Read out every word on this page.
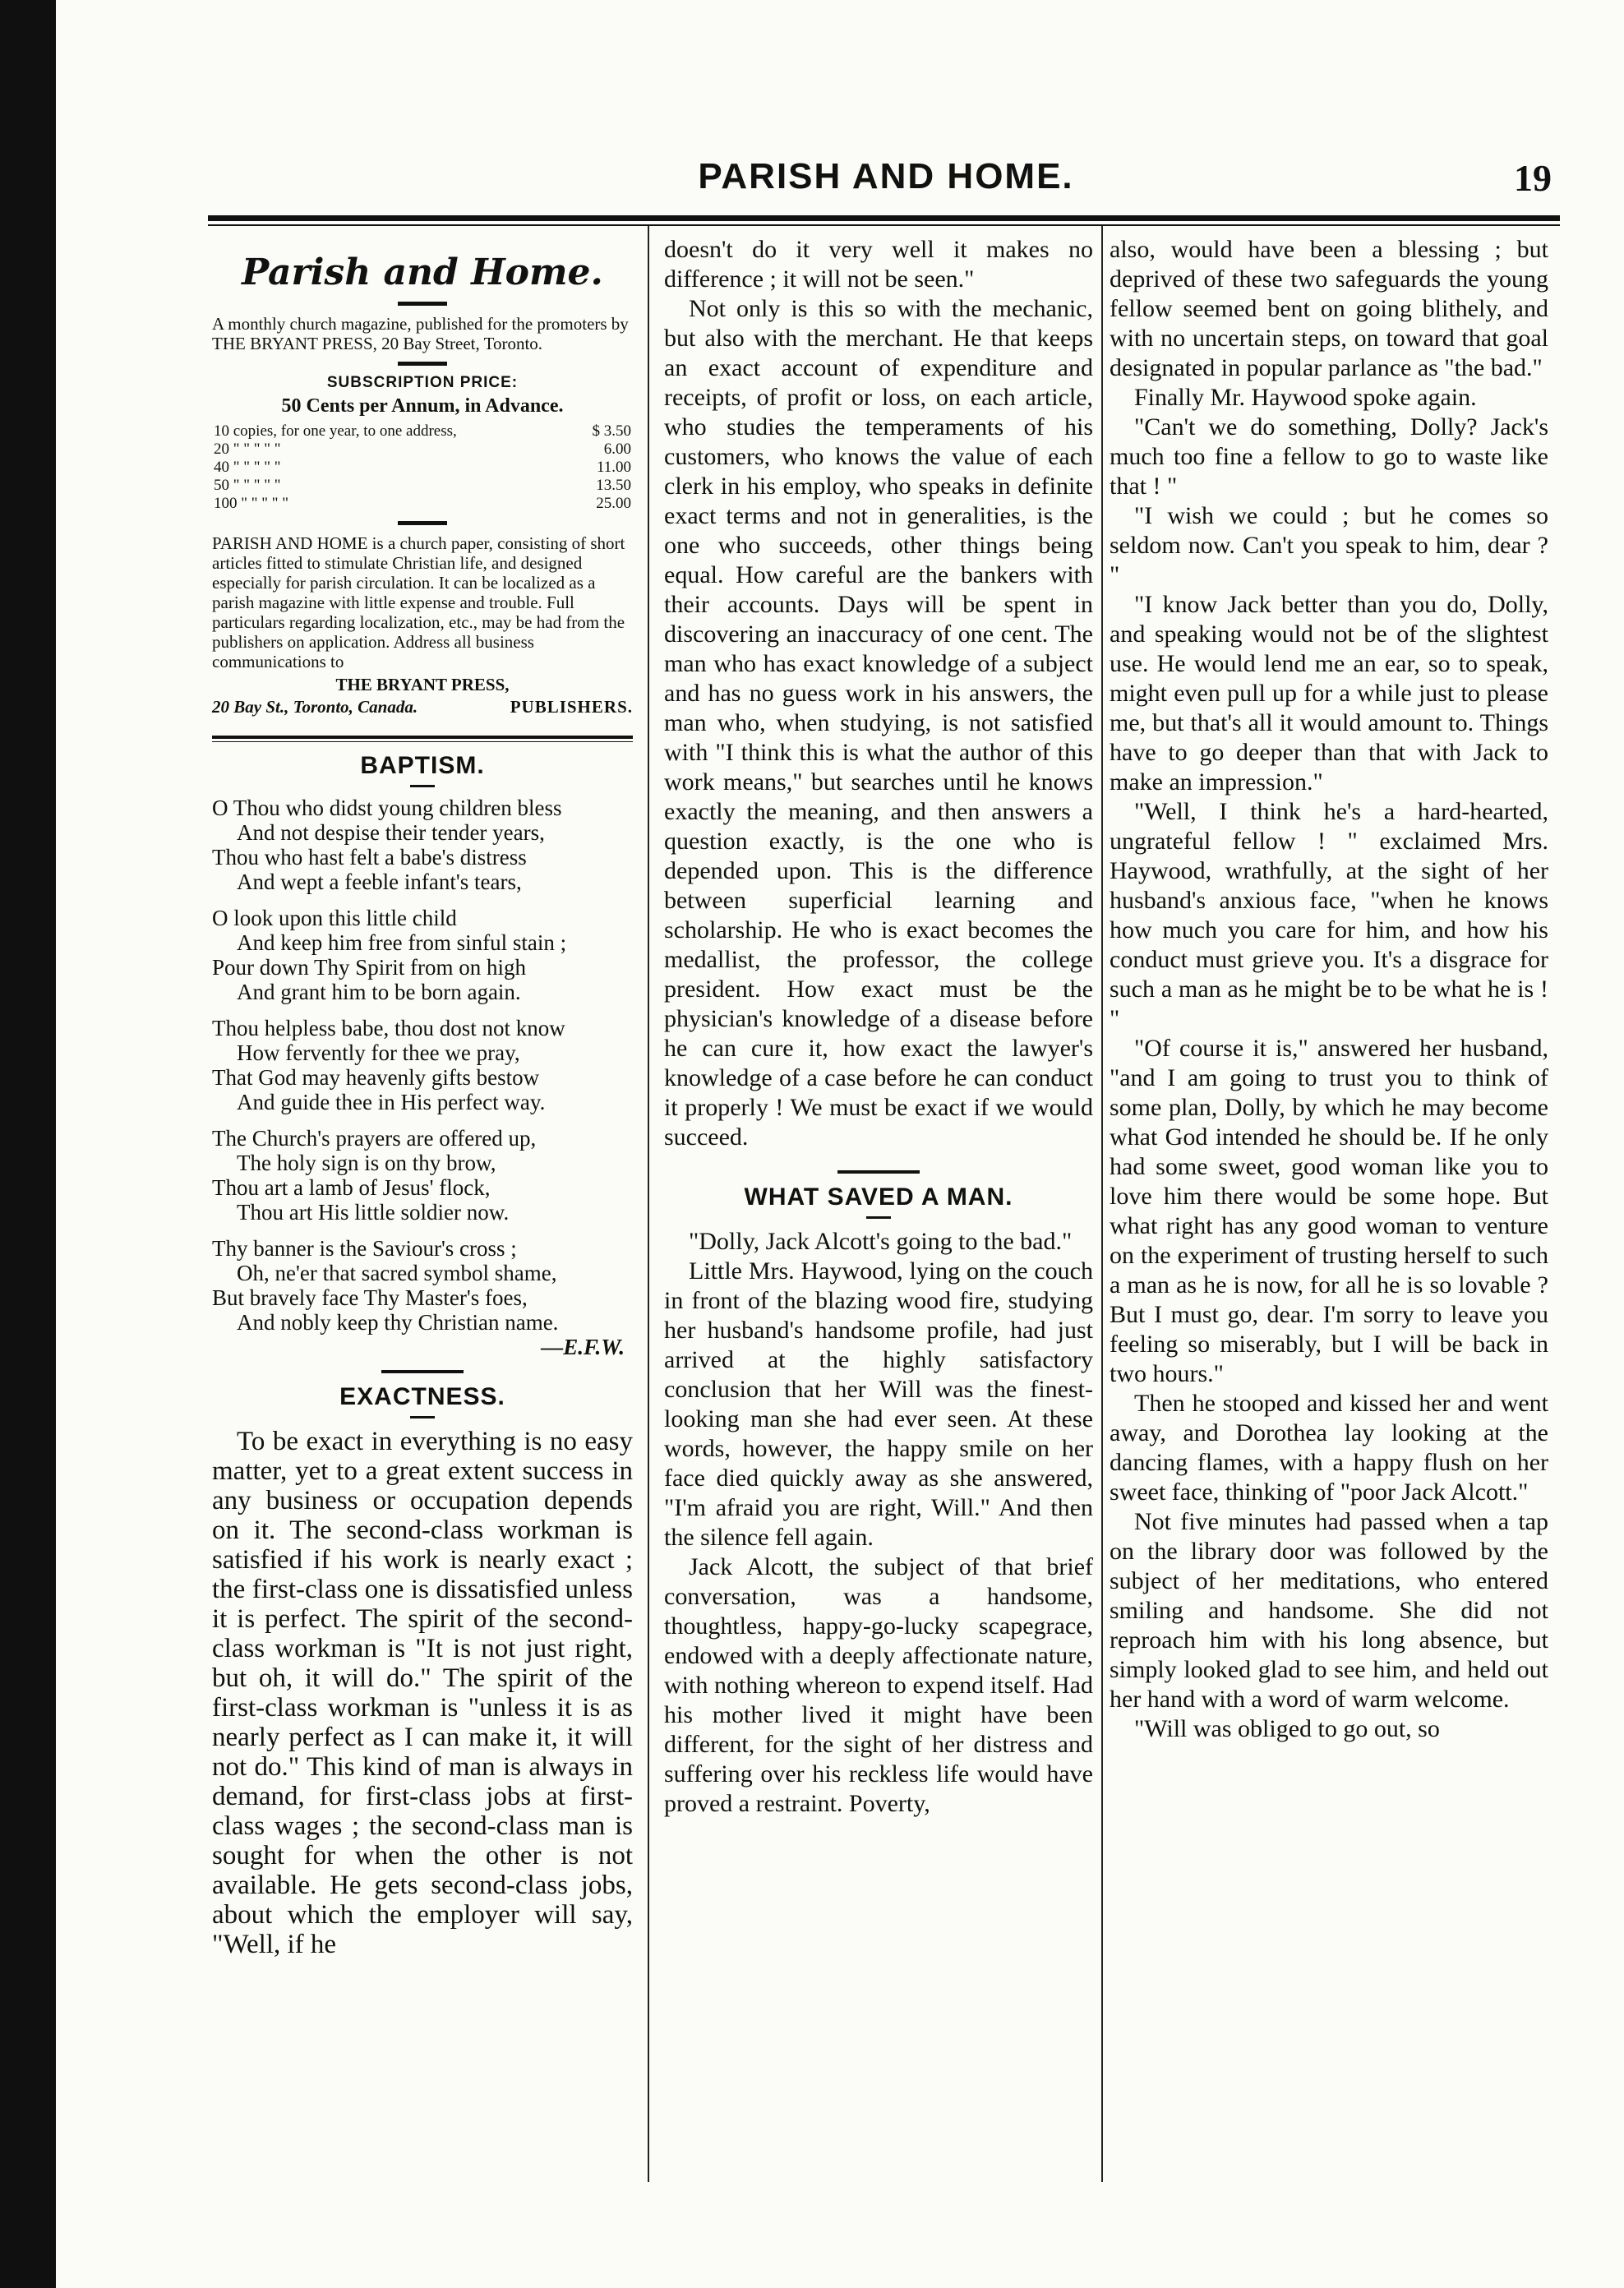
PARISH AND HOME.	19
Parish and Home.

A monthly church magazine, published for the promoters by THE BRYANT PRESS, 20 Bay Street, Toronto.

SUBSCRIPTION PRICE:
50 Cents per Annum, in Advance.
10 copies, for one year, to one address,	$ 3.50
20 " " " " "	6.00
40 " " " " "	11.00
50 " " " " "	13.50
100 " " " " "	25.00

PARISH AND HOME is a church paper, consisting of short articles fitted to stimulate Christian life, and designed especially for parish circulation. It can be localized as a parish magazine with little expense and trouble. Full particulars regarding localization, etc., may be had from the publishers on application. Address all business communications to

THE BRYANT PRESS,
20 Bay St., Toronto, Canada.	PUBLISHERS.
BAPTISM.
O Thou who didst young children bless
And not despise their tender years,
Thou who hast felt a babe's distress
And wept a feeble infant's tears,
O look upon this little child
And keep him free from sinful stain ;
Pour down Thy Spirit from on high
And grant him to be born again.
Thou helpless babe, thou dost not know
How fervently for thee we pray,
That God may heavenly gifts bestow
And guide thee in His perfect way.
The Church's prayers are offered up,
The holy sign is on thy brow,
Thou art a lamb of Jesus' flock,
Thou art His little soldier now.
Thy banner is the Saviour's cross ;
Oh, ne'er that sacred symbol shame,
But bravely face Thy Master's foes,
And nobly keep thy Christian name.
—E.F.W.
EXACTNESS.

To be exact in everything is no easy matter, yet to a great extent success in any business or occupation depends on it. The second-class workman is satisfied if his work is nearly exact ; the first-class one is dissatisfied unless it is perfect. The spirit of the second-class workman is "It is not just right, but oh, it will do." The spirit of the first-class workman is "unless it is as nearly perfect as I can make it, it will not do." This kind of man is always in demand, for first-class jobs at first-class wages ; the second-class man is sought for when the other is not available. He gets second-class jobs, about which the employer will say, "Well, if he

doesn't do it very well it makes no difference ; it will not be seen."

Not only is this so with the mechanic, but also with the merchant. He that keeps an exact account of expenditure and receipts, of profit or loss, on each article, who studies the temperaments of his customers, who knows the value of each clerk in his employ, who speaks in definite exact terms and not in generalities, is the one who succeeds, other things being equal. How careful are the bankers with their accounts. Days will be spent in discovering an inaccuracy of one cent. The man who has exact knowledge of a subject and has no guess work in his answers, the man who, when studying, is not satisfied with "I think this is what the author of this work means," but searches until he knows exactly the meaning, and then answers a question exactly, is the one who is depended upon. This is the difference between superficial learning and scholarship. He who is exact becomes the medallist, the professor, the college president. How exact must be the physician's knowledge of a disease before he can cure it, how exact the lawyer's knowledge of a case before he can conduct it properly ! We must be exact if we would succeed.

WHAT SAVED A MAN.

"Dolly, Jack Alcott's going to the bad."

Little Mrs. Haywood, lying on the couch in front of the blazing wood fire, studying her husband's handsome profile, had just arrived at the highly satisfactory conclusion that her Will was the finest-looking man she had ever seen. At these words, however, the happy smile on her face died quickly away as she answered, "I'm afraid you are right, Will." And then the silence fell again.

Jack Alcott, the subject of that brief conversation, was a handsome, thoughtless, happy-go-lucky scapegrace, endowed with a deeply affectionate nature, with nothing whereon to expend itself. Had his mother lived it might have been different, for the sight of her distress and suffering over his reckless life would have proved a restraint. Poverty,

also, would have been a blessing ; but deprived of these two safeguards the young fellow seemed bent on going blithely, and with no uncertain steps, on toward that goal designated in popular parlance as "the bad."

Finally Mr. Haywood spoke again.

"Can't we do something, Dolly? Jack's much too fine a fellow to go to waste like that ! "

"I wish we could ; but he comes so seldom now. Can't you speak to him, dear ? "

"I know Jack better than you do, Dolly, and speaking would not be of the slightest use. He would lend me an ear, so to speak, might even pull up for a while just to please me, but that's all it would amount to. Things have to go deeper than that with Jack to make an impression."

"Well, I think he's a hard-hearted, ungrateful fellow ! " exclaimed Mrs. Haywood, wrathfully, at the sight of her husband's anxious face, "when he knows how much you care for him, and how his conduct must grieve you. It's a disgrace for such a man as he might be to be what he is ! "

"Of course it is," answered her husband, "and I am going to trust you to think of some plan, Dolly, by which he may become what God intended he should be. If he only had some sweet, good woman like you to love him there would be some hope. But what right has any good woman to venture on the experiment of trusting herself to such a man as he is now, for all he is so lovable ? But I must go, dear. I'm sorry to leave you feeling so miserably, but I will be back in two hours."

Then he stooped and kissed her and went away, and Dorothea lay looking at the dancing flames, with a happy flush on her sweet face, thinking of "poor Jack Alcott."

Not five minutes had passed when a tap on the library door was followed by the subject of her meditations, who entered smiling and handsome. She did not reproach him with his long absence, but simply looked glad to see him, and held out her hand with a word of warm welcome.

"Will was obliged to go out, so
